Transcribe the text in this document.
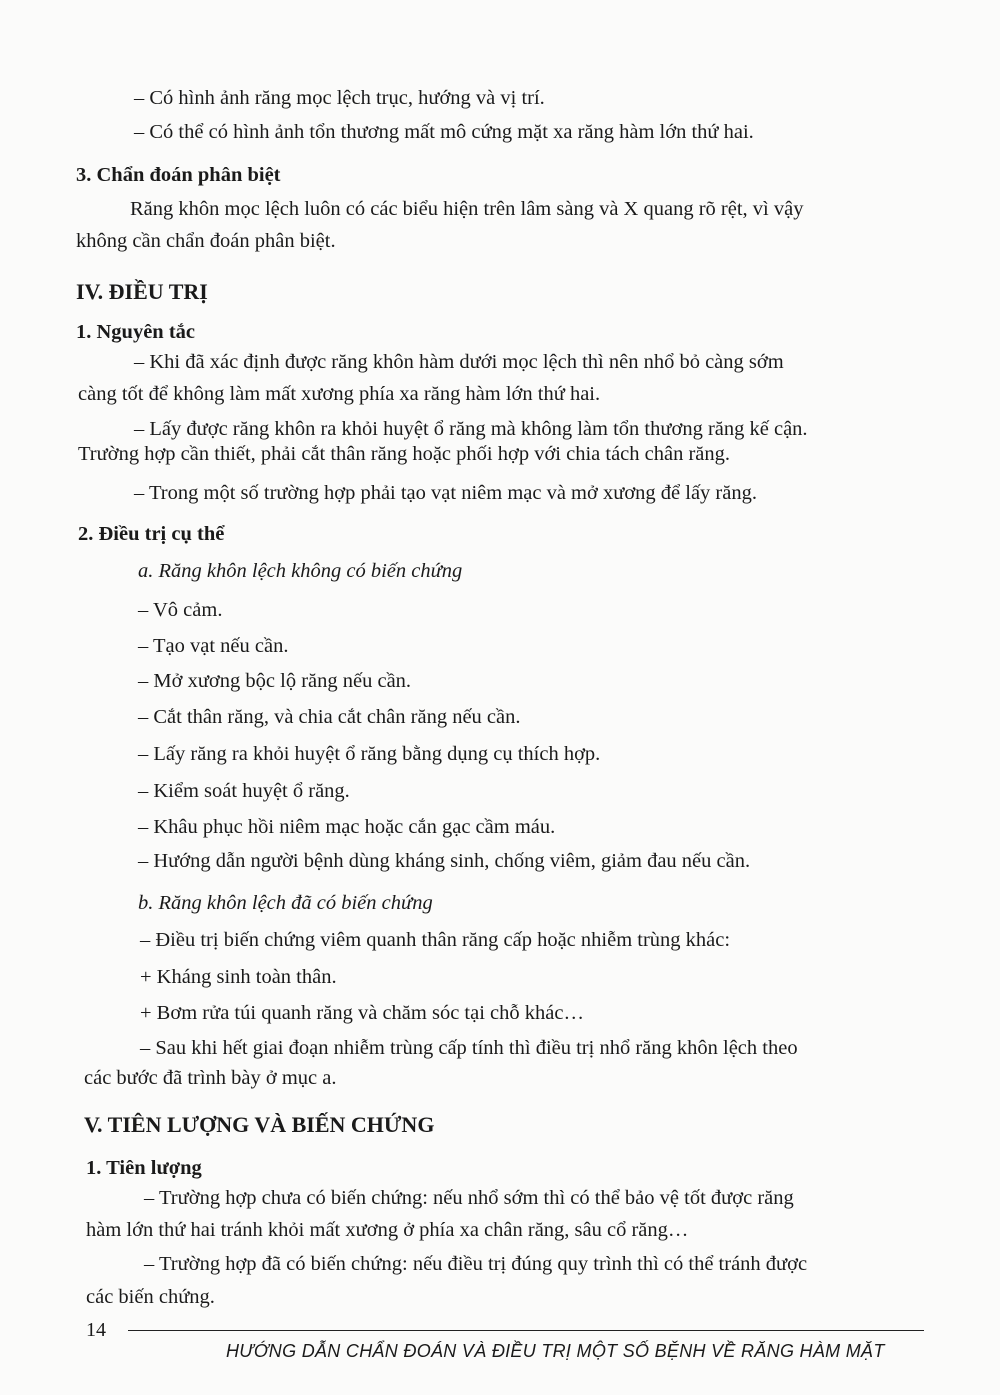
– Có hình ảnh răng mọc lệch trục, hướng và vị trí.
– Có thể có hình ảnh tổn thương mất mô cứng mặt xa răng hàm lớn thứ hai.
3. Chẩn đoán phân biệt
Răng khôn mọc lệch luôn có các biểu hiện trên lâm sàng và X quang rõ rệt, vì vậy
không cần chẩn đoán phân biệt.
IV. ĐIỀU TRỊ
1. Nguyên tắc
– Khi đã xác định được răng khôn hàm dưới mọc lệch thì nên nhổ bỏ càng sớm
càng tốt để không làm mất xương phía xa răng hàm lớn thứ hai.
– Lấy được răng khôn ra khỏi huyệt ổ răng mà không làm tổn thương răng kế cận.
Trường hợp cần thiết, phải cắt thân răng hoặc phối hợp với chia tách chân răng.
– Trong một số trường hợp phải tạo vạt niêm mạc và mở xương để lấy răng.
2. Điều trị cụ thể
a. Răng khôn lệch không có biến chứng
– Vô cảm.
– Tạo vạt nếu cần.
– Mở xương bộc lộ răng nếu cần.
– Cắt thân răng, và chia cắt chân răng nếu cần.
– Lấy răng ra khỏi huyệt ổ răng bằng dụng cụ thích hợp.
– Kiểm soát huyệt ổ răng.
– Khâu phục hồi niêm mạc hoặc cắn gạc cầm máu.
– Hướng dẫn người bệnh dùng kháng sinh, chống viêm, giảm đau nếu cần.
b. Răng khôn lệch đã có biến chứng
– Điều trị biến chứng viêm quanh thân răng cấp hoặc nhiễm trùng khác:
+ Kháng sinh toàn thân.
+ Bơm rửa túi quanh răng và chăm sóc tại chỗ khác…
– Sau khi hết giai đoạn nhiễm trùng cấp tính thì điều trị nhổ răng khôn lệch theo
các bước đã trình bày ở mục a.
V. TIÊN LƯỢNG VÀ BIẾN CHỨNG
1. Tiên lượng
– Trường hợp chưa có biến chứng: nếu nhổ sớm thì có thể bảo vệ tốt được răng
hàm lớn thứ hai tránh khỏi mất xương ở phía xa chân răng, sâu cổ răng…
– Trường hợp đã có biến chứng: nếu điều trị đúng quy trình thì có thể tránh được
các biến chứng.
14
HƯỚNG DẪN CHẨN ĐOÁN VÀ ĐIỀU TRỊ MỘT SỐ BỆNH VỀ RĂNG HÀM MẶT
